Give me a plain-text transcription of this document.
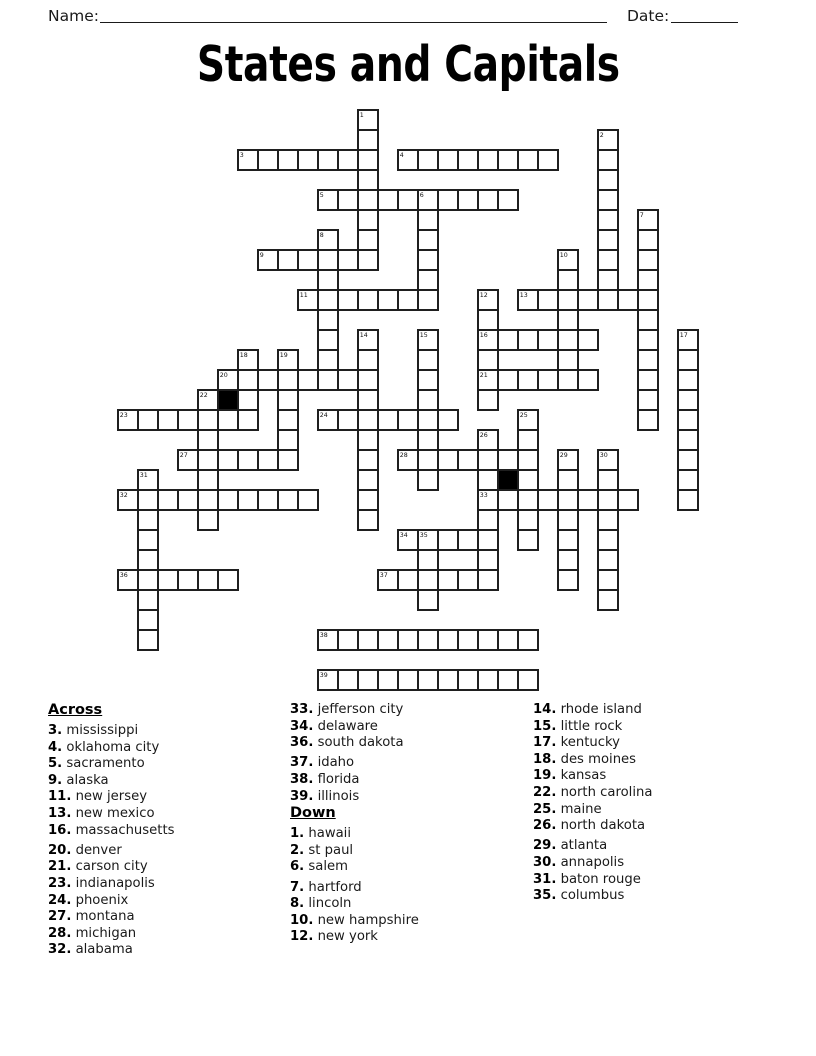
Name:	Date:
States and Capitals
1
2
3	4
5	6
7
8
9	10
11	12
16
21
13
14	15	17
18	19
20
22
23	24	25
26
33
27	28	29	30
31
32
34 35
36	37
38
39
Across
3. mississippi
4. oklahoma city
5. sacramento
9. alaska
11. new jersey
13. new mexico
16. massachusetts
20. denver
21. carson city
23. indianapolis
24. phoenix
27. montana
28. michigan
32. alabama
33. jefferson city
34. delaware
36. south dakota
37. idaho
38. florida
39. illinois
Down
1. hawaii
2. st paul
6. salem
7. hartford
8. lincoln
10. new hampshire
12. new york
14. rhode island
15. little rock
17. kentucky
18. des moines
19. kansas
22. north carolina
25. maine
26. north dakota
29. atlanta
30. annapolis
31. baton rouge
35. columbus
